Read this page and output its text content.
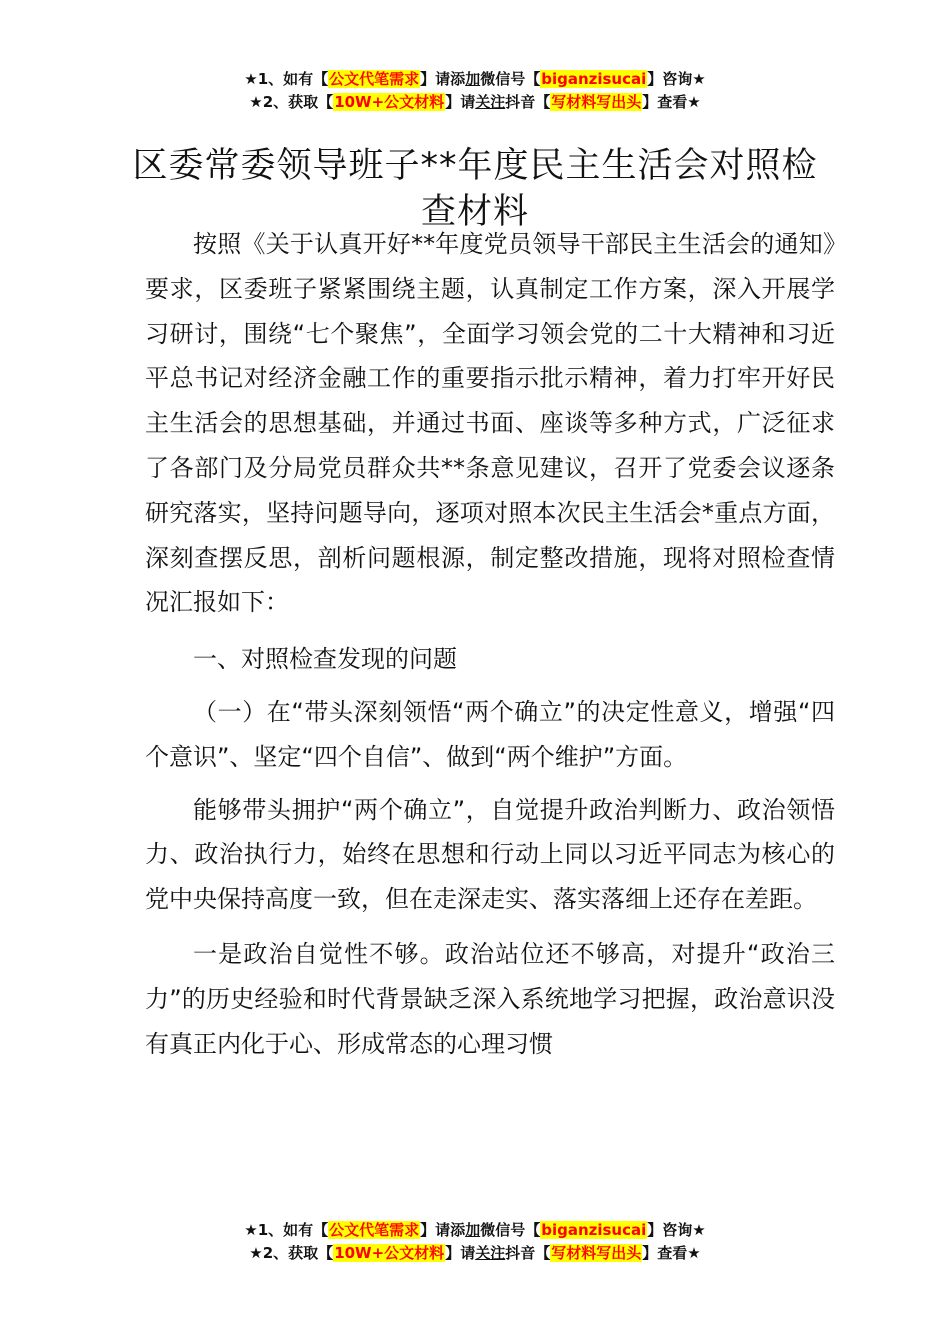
★1、如有【公文代笔需求】请添加微信号【biganzisucai】咨询★
★2、获取【10W+公文材料】请关注抖音【写材料写出头】查看★
区委常委领导班子**年度民主生活会对照检
查材料

按照《关于认真开好**年度党员领导干部民主生活会的通知》要求，区委班子紧紧围绕主题，认真制定工作方案，深入开展学习研讨，围绕“七个聚焦”，全面学习领会党的二十大精神和习近平总书记对经济金融工作的重要指示批示精神，着力打牢开好民主生活会的思想基础，并通过书面、座谈等多种方式，广泛征求了各部门及分局党员群众共**条意见建议，召开了党委会议逐条研究落实，坚持问题导向，逐项对照本次民主生活会*重点方面，深刻查摆反思，剖析问题根源，制定整改措施，现将对照检查情况汇报如下：

一、对照检查发现的问题

（一）在“带头深刻领悟“两个确立”的决定性意义，增强“四个意识”、坚定“四个自信”、做到“两个维护”方面。

能够带头拥护“两个确立”，自觉提升政治判断力、政治领悟力、政治执行力，始终在思想和行动上同以习近平同志为核心的党中央保持高度一致，但在走深走实、落实落细上还存在差距。

一是政治自觉性不够。政治站位还不够高，对提升“政治三力”的历史经验和时代背景缺乏深入系统地学习把握，政治意识没有真正内化于心、形成常态的心理习惯

★1、如有【公文代笔需求】请添加微信号【biganzisucai】咨询★
★2、获取【10W+公文材料】请关注抖音【写材料写出头】查看★
